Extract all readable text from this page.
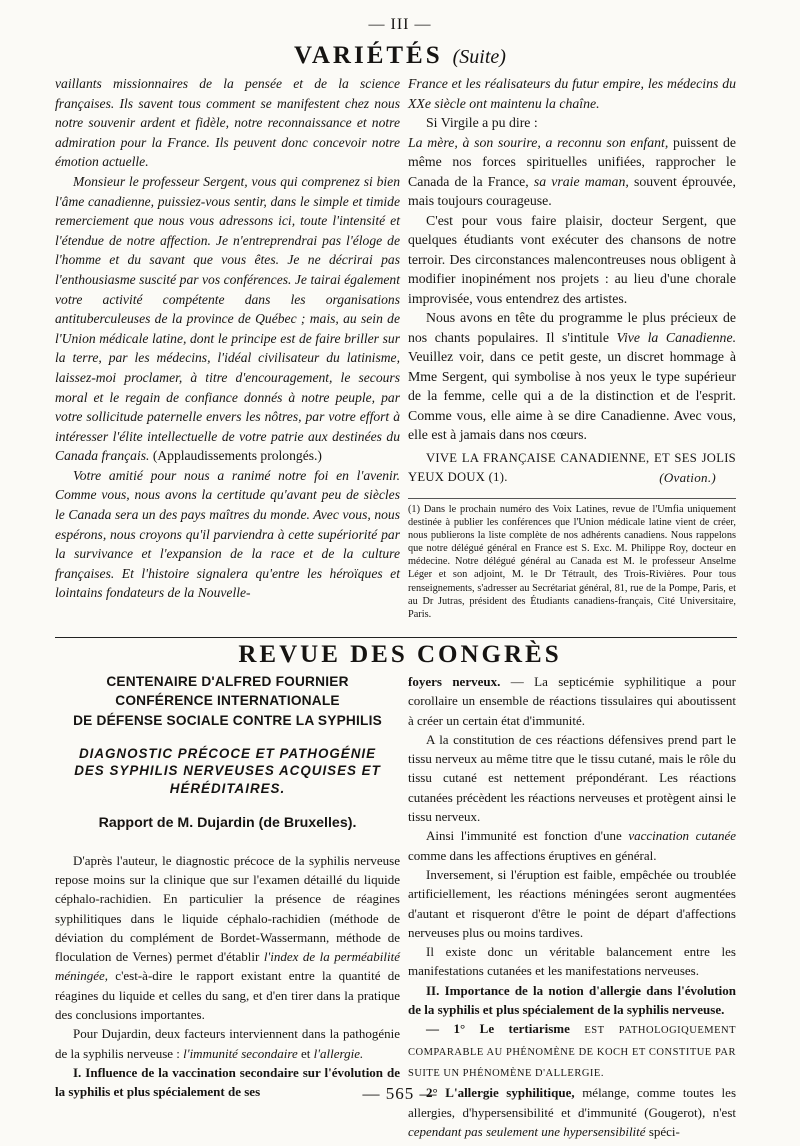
— III —
VARIÉTÉS (Suite)

vaillants missionnaires de la pensée et de la science françaises. Ils savent tous comment se manifestent chez nous notre souvenir ardent et fidèle, notre reconnaissance et notre admiration pour la France. Ils peuvent donc concevoir notre émotion actuelle.

Monsieur le professeur Sergent, vous qui comprenez si bien l'âme canadienne, puissiez-vous sentir, dans le simple et timide remerciement que nous vous adressons ici, toute l'intensité et l'étendue de notre affection. Je n'entreprendrai pas l'éloge de l'homme et du savant que vous êtes. Je ne décrirai pas l'enthousiasme suscité par vos conférences. Je tairai également votre activité compétente dans les organisations antituberculeuses de la province de Québec ; mais, au sein de l'Union médicale latine, dont le principe est de faire briller sur la terre, par les médecins, l'idéal civilisateur du latinisme, laissez-moi proclamer, à titre d'encouragement, le secours moral et le regain de confiance donnés à notre peuple, par votre sollicitude paternelle envers les nôtres, par votre effort à intéresser l'élite intellectuelle de votre patrie aux destinées du Canada français. (Applaudissements prolongés.)

Votre amitié pour nous a ranimé notre foi en l'avenir. Comme vous, nous avons la certitude qu'avant peu de siècles le Canada sera un des pays maîtres du monde. Avec vous, nous espérons, nous croyons qu'il parviendra à cette supériorité par la survivance et l'expansion de la race et de la culture françaises. Et l'histoire signalera qu'entre les héroïques et lointains fondateurs de la Nouvelle-

France et les réalisateurs du futur empire, les médecins du XXe siècle ont maintenu la chaîne.

Si Virgile a pu dire :

La mère, à son sourire, a reconnu son enfant, puissent de même nos forces spirituelles unifiées, rapprocher le Canada de la France, sa vraie maman, souvent éprouvée, mais toujours courageuse.

C'est pour vous faire plaisir, docteur Sergent, que quelques étudiants vont exécuter des chansons de notre terroir. Des circonstances malencontreuses nous obligent à modifier inopinément nos projets : au lieu d'une chorale improvisée, vous entendrez des artistes.

Nous avons en tête du programme le plus précieux de nos chants populaires. Il s'intitule Vive la Canadienne. Veuillez voir, dans ce petit geste, un discret hommage à Mme Sergent, qui symbolise à nos yeux le type supérieur de la femme, celle qui a de la distinction et de l'esprit. Comme vous, elle aime à se dire Canadienne. Avec vous, elle est à jamais dans nos cœurs.

VIVE LA FRANÇAISE CANADIENNE, ET SES JOLIS YEUX DOUX (1).	(Ovation.)

(1) Dans le prochain numéro des Voix Latines, revue de l'Umfia uniquement destinée à publier les conférences que l'Union médicale latine vient de créer, nous publierons la liste complète de nos adhérents canadiens. Nous rappelons que notre délégué général en France est S. Exc. M. Philippe Roy, docteur en médecine. Notre délégué général au Canada est M. le professeur Anselme Léger et son adjoint, M. le Dr Tétrault, des Trois-Rivières. Pour tous renseignements, s'adresser au Secrétariat général, 81, rue de la Pompe, Paris, et au Dr Jutras, président des Étudiants canadiens-français, Cité Universitaire, Paris.
REVUE DES CONGRÈS

CENTENAIRE D'ALFRED FOURNIER

CONFÉRENCE INTERNATIONALE

DE DÉFENSE SOCIALE CONTRE LA SYPHILIS

DIAGNOSTIC PRÉCOCE ET PATHOGÉNIE
DES SYPHILIS NERVEUSES ACQUISES ET
HÉRÉDITAIRES.

Rapport de M. Dujardin (de Bruxelles).

D'après l'auteur, le diagnostic précoce de la syphilis nerveuse repose moins sur la clinique que sur l'examen détaillé du liquide céphalo-rachidien. En particulier la présence de réagines syphilitiques dans le liquide céphalo-rachidien (méthode de déviation du complément de Bordet-Wassermann, méthode de floculation de Vernes) permet d'établir l'index de la perméabilité méningée, c'est-à-dire le rapport existant entre la quantité de réagines du liquide et celles du sang, et d'en tirer dans la pratique des conclusions importantes.

Pour Dujardin, deux facteurs interviennent dans la pathogénie de la syphilis nerveuse : l'immunité secondaire et l'allergie.

I. Influence de la vaccination secondaire sur l'évolution de la syphilis et plus spécialement de ses

foyers nerveux. — La septicémie syphilitique a pour corollaire un ensemble de réactions tissulaires qui aboutissent à créer un certain état d'immunité.

A la constitution de ces réactions défensives prend part le tissu nerveux au même titre que le tissu cutané, mais le rôle du tissu cutané est nettement prépondérant. Les réactions cutanées précèdent les réactions nerveuses et protègent ainsi le tissu nerveux.

Ainsi l'immunité est fonction d'une vaccination cutanée comme dans les affections éruptives en général.

Inversement, si l'éruption est faible, empêchée ou troublée artificiellement, les réactions méningées seront augmentées d'autant et risqueront d'être le point de départ d'affections nerveuses plus ou moins tardives.

Il existe donc un véritable balancement entre les manifestations cutanées et les manifestations nerveuses.

II. Importance de la notion d'allergie dans l'évolution de la syphilis et plus spécialement de la syphilis nerveuse.

— 1° Le tertiarisme EST PATHOLOGIQUEMENT COMPARABLE AU PHÉNOMÈNE DE KOCH ET CONSTITUE PAR SUITE UN PHÉNOMÈNE D'ALLERGIE.

2° L'allergie syphilitique, mélange, comme toutes les allergies, d'hypersensibilité et d'immunité (Gougerot), n'est cependant pas seulement une hypersensibilité spéci-

— 565 —
